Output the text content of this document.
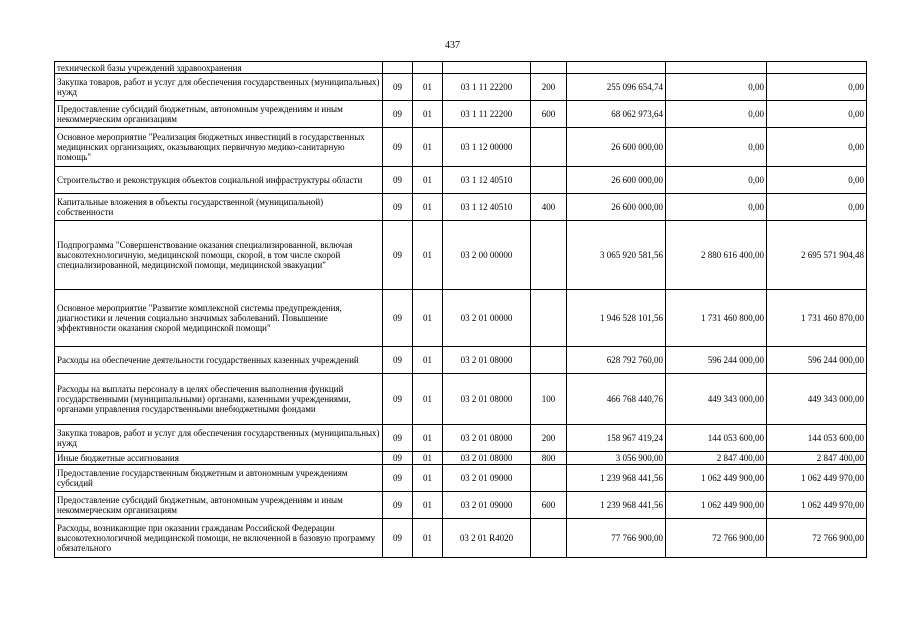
437
технической базы учреждений здравоохранения							
Закупка товаров, работ и услуг для обеспечения государственных (муниципальных) нужд	09	01	03 1 11 22200	200	255 096 654,74	0,00	0,00
Предоставление субсидий бюджетным, автономным учреждениям и иным некоммерческим организациям	09	01	03 1 11 22200	600	68 062 973,64	0,00	0,00
Основное мероприятие "Реализация бюджетных инвестиций в государственных медицинских организациях, оказывающих первичную медико-санитарную помощь"	09	01	03 1 12 00000		26 600 000,00	0,00	0,00
Строительство и реконструкция объектов социальной инфраструктуры области	09	01	03 1 12 40510		26 600 000,00	0,00	0,00
Капитальные вложения в объекты государственной (муниципальной) собственности	09	01	03 1 12 40510	400	26 600 000,00	0,00	0,00
Подпрограмма "Совершенствование оказания специализированной, включая высокотехнологичную, медицинской помощи, скорой, в том числе скорой специализированной, медицинской помощи, медицинской эвакуации"	09	01	03 2 00 00000		3 065 920 581,56	2 880 616 400,00	2 695 571 904,48
Основное мероприятие "Развитие комплексной системы предупреждения, диагностики и лечения социально значимых заболеваний. Повышение эффективности оказания скорой медицинской помощи"	09	01	03 2 01 00000		1 946 528 101,56	1 731 460 800,00	1 731 460 870,00
Расходы на обеспечение деятельности государственных казенных учреждений	09	01	03 2 01 08000		628 792 760,00	596 244 000,00	596 244 000,00
Расходы на выплаты персоналу в целях обеспечения выполнения функций государственными (муниципальными) органами, казенными учреждениями, органами управления государственными внебюджетными фондами	09	01	03 2 01 08000	100	466 768 440,76	449 343 000,00	449 343 000,00
Закупка товаров, работ и услуг для обеспечения государственных (муниципальных) нужд	09	01	03 2 01 08000	200	158 967 419,24	144 053 600,00	144 053 600,00
Иные бюджетные ассигнования	09	01	03 2 01 08000	800	3 056 900,00	2 847 400,00	2 847 400,00
Предоставление государственным бюджетным и автономным учреждениям субсидий	09	01	03 2 01 09000		1 239 968 441,56	1 062 449 900,00	1 062 449 970,00
Предоставление субсидий бюджетным, автономным учреждениям и иным некоммерческим организациям	09	01	03 2 01 09000	600	1 239 968 441,56	1 062 449 900,00	1 062 449 970,00
Расходы, возникающие при оказании гражданам Российской Федерации высокотехнологичной медицинской помощи, не включенной в базовую программу обязательного	09	01	03 2 01 R4020		77 766 900,00	72 766 900,00	72 766 900,00
